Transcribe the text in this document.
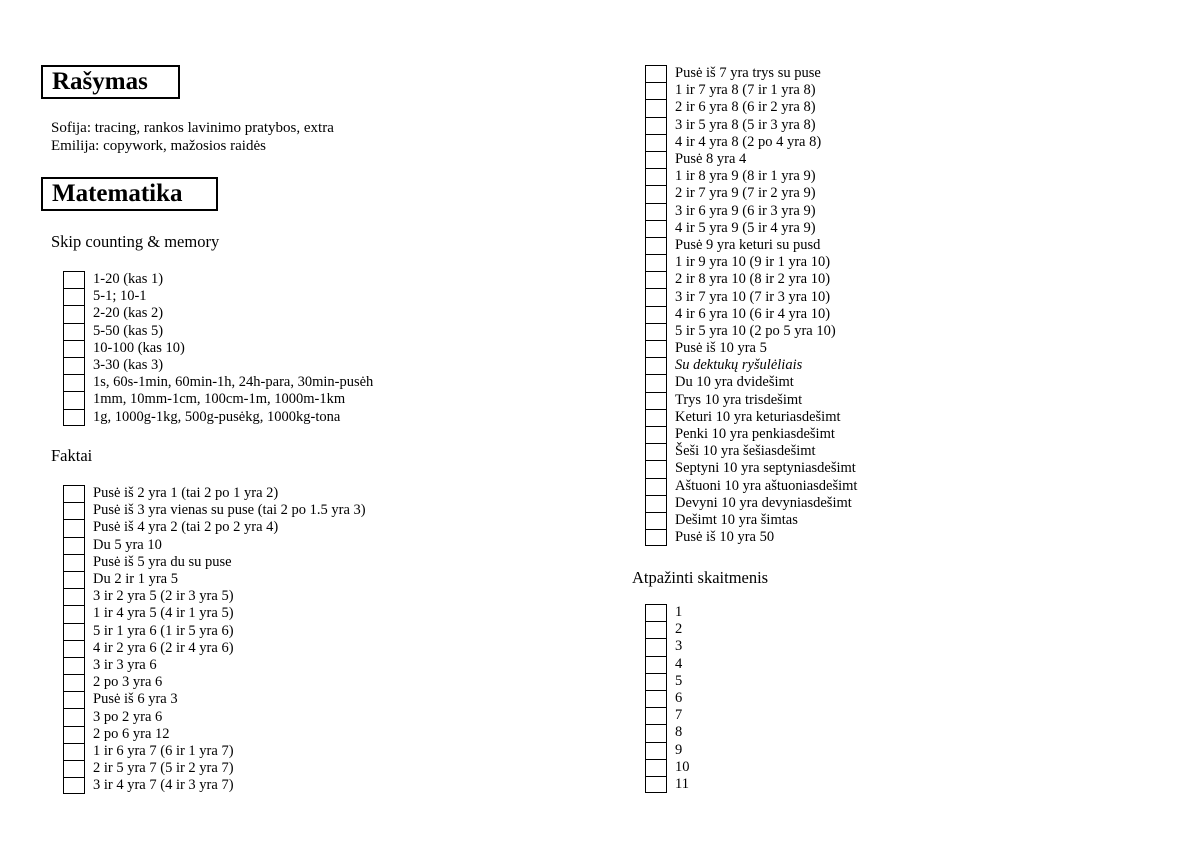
Rašymas
Sofija: tracing, rankos lavinimo pratybos, extra
Emilija: copywork, mažosios raidės
Matematika
Skip counting & memory
1-20 (kas 1)
5-1; 10-1
2-20 (kas 2)
5-50 (kas 5)
10-100 (kas 10)
3-30 (kas 3)
1s, 60s-1min, 60min-1h, 24h-para, 30min-pusėh
1mm, 10mm-1cm, 100cm-1m, 1000m-1km
1g, 1000g-1kg, 500g-pusėkg, 1000kg-tona
Faktai
Pusė iš 2 yra 1 (tai 2 po 1 yra 2)
Pusė iš 3 yra vienas su puse (tai 2 po 1.5 yra 3)
Pusė iš 4 yra 2 (tai 2 po 2 yra 4)
Du 5 yra 10
Pusė iš 5 yra du su puse
Du 2 ir 1 yra 5
3 ir 2 yra 5 (2 ir 3 yra 5)
1 ir 4 yra 5 (4 ir 1 yra 5)
5 ir 1 yra 6 (1 ir 5 yra 6)
4 ir 2 yra 6 (2 ir 4 yra 6)
3 ir 3 yra 6
2 po 3 yra 6
Pusė iš 6 yra 3
3 po 2 yra 6
2 po 6 yra 12
1 ir 6 yra 7 (6 ir 1 yra 7)
2 ir 5 yra 7 (5 ir 2 yra 7)
3 ir 4 yra 7 (4 ir 3 yra 7)
Pusė iš 7 yra trys su puse
1 ir 7 yra 8 (7 ir 1 yra 8)
2 ir 6 yra 8 (6 ir 2 yra 8)
3 ir 5 yra 8 (5 ir 3 yra 8)
4 ir 4 yra 8 (2 po 4 yra 8)
Pusė 8 yra 4
1 ir 8 yra 9 (8 ir 1 yra 9)
2 ir 7 yra 9 (7 ir 2 yra 9)
3 ir 6 yra 9 (6 ir 3 yra 9)
4 ir 5 yra 9 (5 ir 4 yra 9)
Pusė 9 yra keturi su pusd
1 ir 9 yra 10 (9 ir 1 yra 10)
2 ir 8 yra 10 (8 ir 2 yra 10)
3 ir 7 yra 10 (7 ir 3 yra 10)
4 ir 6 yra 10 (6 ir 4 yra 10)
5 ir 5 yra 10 (2 po 5 yra 10)
Pusė iš 10 yra 5
Su dektukų ryšulėliais
Du 10 yra dvidešimt
Trys 10 yra trisdešimt
Keturi 10 yra keturiasdešimt
Penki 10 yra penkiasdešimt
Šeši 10 yra šešiasdešimt
Septyni 10 yra septyniasdešimt
Aštuoni 10 yra aštuoniasdešimt
Devyni 10 yra devyniasdešimt
Dešimt 10 yra šimtas
Pusė iš 10 yra 50
Atpažinti skaitmenis
1
2
3
4
5
6
7
8
9
10
11
